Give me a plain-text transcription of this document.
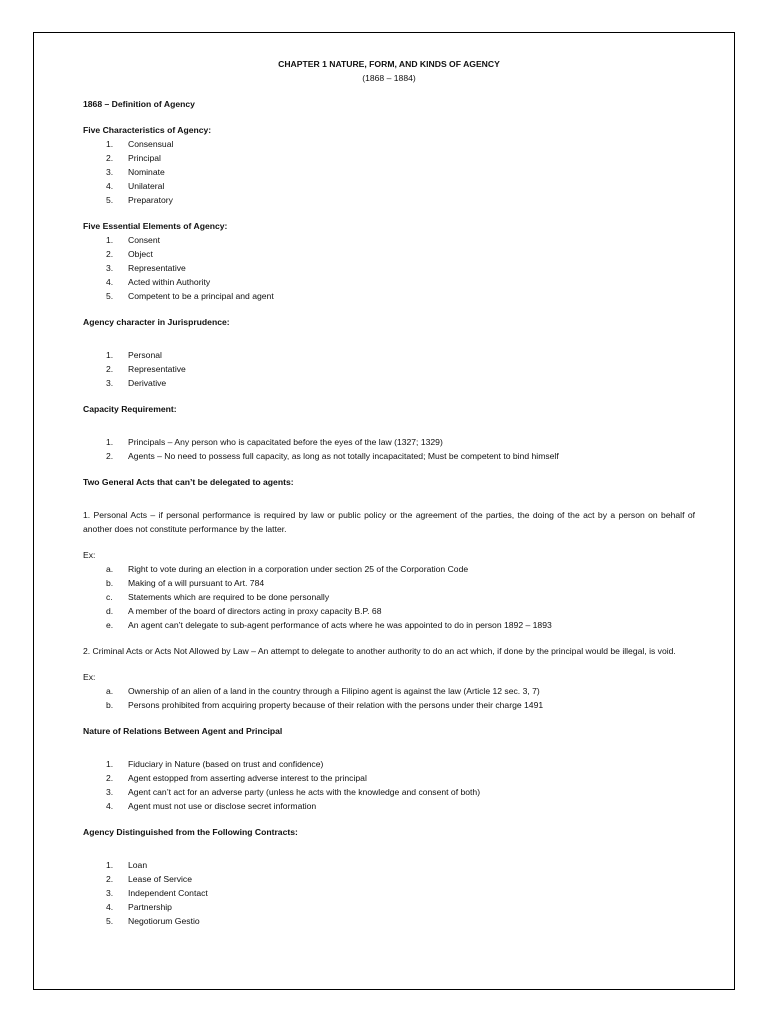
CHAPTER 1 NATURE, FORM, AND KINDS OF AGENCY
(1868 – 1884)
1868 – Definition of Agency
Five Characteristics of Agency:
1. Consensual
2. Principal
3. Nominate
4. Unilateral
5. Preparatory
Five Essential Elements of Agency:
1. Consent
2. Object
3. Representative
4. Acted within Authority
5. Competent to be a principal and agent
Agency character in Jurisprudence:
1. Personal
2. Representative
3. Derivative
Capacity Requirement:
1. Principals – Any person who is capacitated before the eyes of the law (1327; 1329)
2. Agents – No need to possess full capacity, as long as not totally incapacitated; Must be competent to bind himself
Two General Acts that can’t be delegated to agents:
1. Personal Acts – if personal performance is required by law or public policy or the agreement of the parties, the doing of the act by a person on behalf of another does not constitute performance by the latter.
Ex:
a. Right to vote during an election in a corporation under section 25 of the Corporation Code
b. Making of a will pursuant to Art. 784
c. Statements which are required to be done personally
d. A member of the board of directors acting in proxy capacity B.P. 68
e. An agent can’t delegate to sub-agent performance of acts where he was appointed to do in person 1892 – 1893
2. Criminal Acts or Acts Not Allowed by Law – An attempt to delegate to another authority to do an act which, if done by the principal would be illegal, is void.
Ex:
a. Ownership of an alien of a land in the country through a Filipino agent is against the law (Article 12 sec. 3, 7)
b. Persons prohibited from acquiring property because of their relation with the persons under their charge 1491
Nature of Relations Between Agent and Principal
1. Fiduciary in Nature (based on trust and confidence)
2. Agent estopped from asserting adverse interest to the principal
3. Agent can’t act for an adverse party (unless he acts with the knowledge and consent of both)
4. Agent must not use or disclose secret information
Agency Distinguished from the Following Contracts:
1. Loan
2. Lease of Service
3. Independent Contact
4. Partnership
5. Negotiorum Gestio
